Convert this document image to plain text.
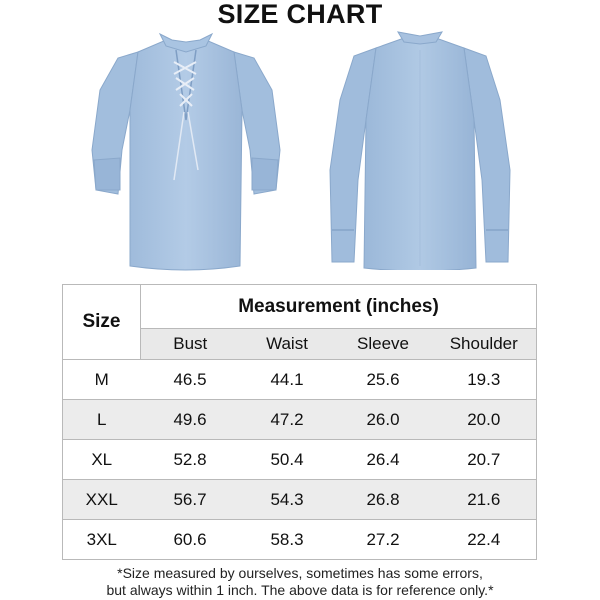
SIZE CHART
Size	Measurement (inches)			
	Bust	Waist	Sleeve	Shoulder
M	46.5	44.1	25.6	19.3
L	49.6	47.2	26.0	20.0
XL	52.8	50.4	26.4	20.7
XXL	56.7	54.3	26.8	21.6
3XL	60.6	58.3	27.2	22.4
*Size measured by ourselves, sometimes has some errors,
but always within 1 inch. The above data is for reference only.*
